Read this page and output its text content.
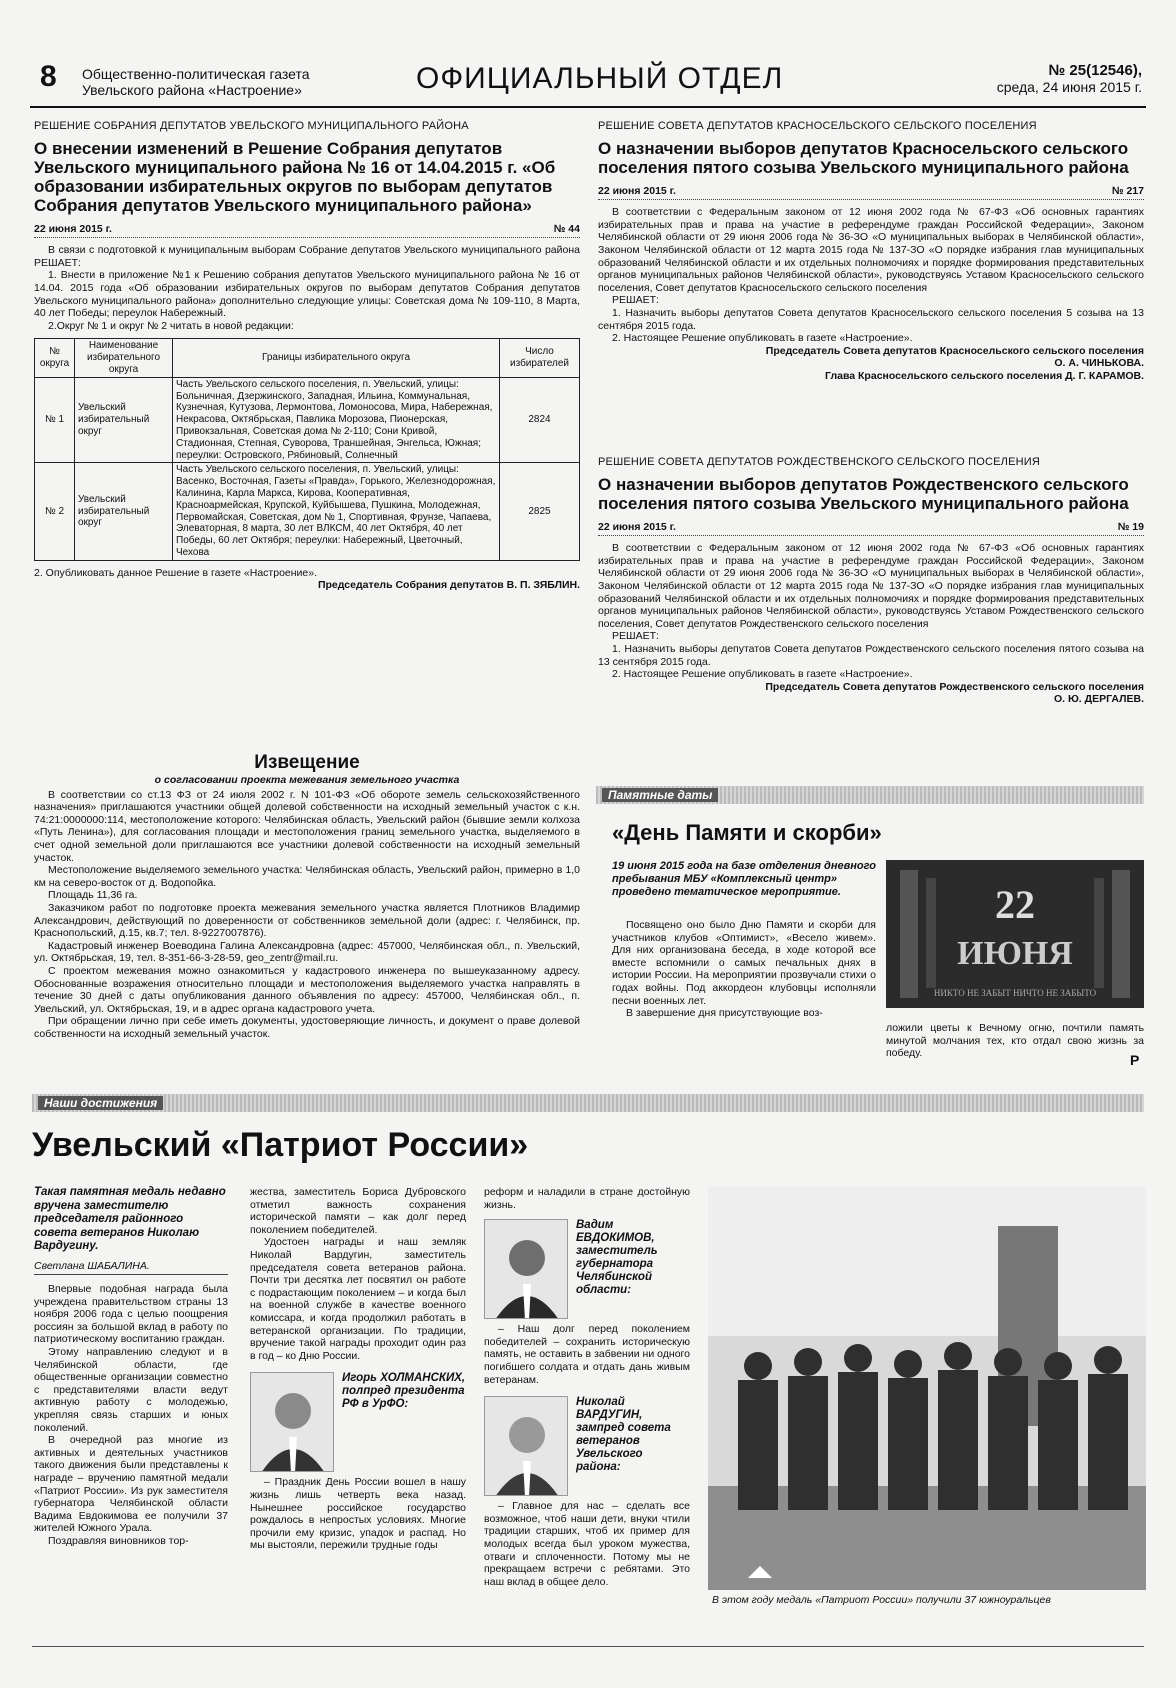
8 Общественно-политическая газета
Увельского района «Настроение»	ОФИЦИАЛЬНЫЙ ОТДЕЛ	№ 25(12546),
среда, 24 июня 2015 г.
РЕШЕНИЕ СОБРАНИЯ ДЕПУТАТОВ УВЕЛЬСКОГО МУНИЦИПАЛЬНОГО РАЙОНА
О внесении изменений в Решение Собрания депутатов Увельского муниципального района № 16 от 14.04.2015 г. «Об образовании избирательных округов по выборам депутатов Собрания депутатов Увельского муниципального района»
22 июня 2015 г.	№ 44
В связи с подготовкой к муниципальным выборам Собрание депутатов Увельского муниципального района РЕШАЕТ:
1. Внести в приложение №1 к Решению собрания депутатов Увельского муниципального района № 16 от 14.04. 2015 года «Об образовании избирательных округов по выборам депутатов Собрания депутатов Увельского муниципального района» дополнительно следующие улицы: Советская дома № 109-110, 8 Марта, 40 лет Победы; переулок Набережный.
2.Округ № 1 и округ № 2 читать в новой редакции:
№ округа	Наименование избирательного округа	Границы избирательного округа	Число избирателей
№ 1	Увельский избирательный округ	Часть Увельского сельского поселения, п. Увельский, улицы: Больничная, Дзержинского, Западная, Ильина, Коммунальная, Кузнечная, Кутузова, Лермонтова, Ломоносова, Мира, Набережная, Некрасова, Октябрьская, Павлика Морозова, Пионерская, Привокзальная, Советская дома № 2-110; Сони Кривой, Стадионная, Степная, Суворова, Траншейная, Энгельса, Южная; переулки: Островского, Рябиновый, Солнечный	2824
№ 2	Увельский избирательный округ	Часть Увельского сельского поселения, п. Увельский, улицы: Васенко, Восточная, Газеты «Правда», Горького, Железнодорожная, Калинина, Карла Маркса, Кирова, Кооперативная, Красноармейская, Крупской, Куйбышева, Пушкина, Молодежная, Первомайская, Советская, дом № 1, Спортивная, Фрунзе, Чапаева, Элеваторная, 8 марта, 30 лет ВЛКСМ, 40 лет Октября, 40 лет Победы, 60 лет Октября; переулки: Набережный, Цветочный, Чехова	2825
2. Опубликовать данное Решение в газете «Настроение».
Председатель Собрания депутатов В. П. ЗЯБЛИН.
Извещение
о согласовании проекта межевания земельного участка
В соответствии со ст.13 ФЗ от 24 июля 2002 г. N 101-ФЗ «Об обороте земель сельскохозяйственного назначения» приглашаются участники общей долевой собственности на исходный земельный участок с к.н. 74:21:0000000:114, местоположение которого: Челябинская область, Увельский район (бывшие земли колхоза «Путь Ленина»), для согласования площади и местоположения границ земельного участка, выделяемого в счет одной земельной доли приглашаются все участники долевой собственности на исходный земельный участок.
Местоположение выделяемого земельного участка: Челябинская область, Увельский район, примерно в 1,0 км на северо-восток от д. Водопойка.
Площадь 11,36 га.
Заказчиком работ по подготовке проекта межевания земельного участка является Плотников Владимир Александрович, действующий по доверенности от собственников земельной доли (адрес: г. Челябинск, пр. Краснопольский, д.15, кв.7; тел. 8-9227007876).
Кадастровый инженер Воеводина Галина Александровна (адрес: 457000, Челябинская обл., п. Увельский, ул. Октябрьская, 19, тел. 8-351-66-3-28-59, geo_zentr@mail.ru.
С проектом межевания можно ознакомиться у кадастрового инженера по вышеуказанному адресу. Обоснованные возражения относительно площади и местоположения выделяемого участка направлять в течение 30 дней с даты опубликования данного объявления по адресу: 457000, Челябинская обл., п. Увельский, ул. Октябрьская, 19, и в адрес органа кадастрового учета.
При обращении лично при себе иметь документы, удостоверяющие личность, и документ о праве долевой собственности на исходный земельный участок.
РЕШЕНИЕ СОВЕТА ДЕПУТАТОВ КРАСНОСЕЛЬСКОГО СЕЛЬСКОГО ПОСЕЛЕНИЯ
О назначении выборов депутатов Красносельского сельского поселения пятого созыва Увельского муниципального района
22 июня 2015 г.	№ 217
В соответствии с Федеральным законом от 12 июня 2002 года № 67-ФЗ «Об основных гарантиях избирательных прав и права на участие в референдуме граждан Российской Федерации», Законом Челябинской области от 29 июня 2006 года № 36-ЗО «О муниципальных выборах в Челябинской области», Законом Челябинской области от 12 марта 2015 года № 137-ЗО «О порядке избрания глав муниципальных образований Челябинской области и их отдельных полномочиях и порядке формирования представительных органов муниципальных районов Челябинской области», руководствуясь Уставом Красносельского сельского поселения, Совет депутатов Красносельского сельского поселения
РЕШАЕТ:
1. Назначить выборы депутатов Совета депутатов Красносельского сельского поселения 5 созыва на 13 сентября 2015 года.
2. Настоящее Решение опубликовать в газете «Настроение».
Председатель Совета депутатов Красносельского сельского поселения
О. А. ЧИНЬКОВА.
Глава Красносельского сельского поселения Д. Г. КАРАМОВ.
РЕШЕНИЕ СОВЕТА ДЕПУТАТОВ РОЖДЕСТВЕНСКОГО СЕЛЬСКОГО ПОСЕЛЕНИЯ
О назначении выборов депутатов Рождественского сельского поселения пятого созыва Увельского муниципального района
22 июня 2015 г.	№ 19
В соответствии с Федеральным законом от 12 июня 2002 года № 67-ФЗ «Об основных гарантиях избирательных прав и права на участие в референдуме граждан Российской Федерации», Законом Челябинской области от 29 июня 2006 года № 36-ЗО «О муниципальных выборах в Челябинской области», Законом Челябинской области от 12 марта 2015 года № 137-ЗО «О порядке избрания глав муниципальных образований Челябинской области и их отдельных полномочиях и порядке формирования представительных органов муниципальных районов Челябинской области», руководствуясь Уставом Рождественского сельского поселения, Совет депутатов Рождественского сельского поселения
РЕШАЕТ:
1. Назначить выборы депутатов Совета депутатов Рождественского сельского поселения пятого созыва на 13 сентября 2015 года.
2. Настоящее Решение опубликовать в газете «Настроение».
Председатель Совета депутатов Рождественского сельского поселения
О. Ю. ДЕРГАЛЕВ.
Памятные даты
«День Памяти и скорби»
19 июня 2015 года на базе отделения дневного пребывания МБУ «Комплексный центр» проведено тематическое мероприятие.
Посвящено оно было Дню Памяти и скорби для участников клубов «Оптимист», «Весело живем». Для них организована беседа, в ходе которой все вместе вспомнили о самых печальных днях в истории России. На мероприятии прозвучали стихи о годах войны. Под аккордеон клубовцы исполняли песни военных лет.
В завершение дня присутствующие воз-
22
ИЮНЯ
НИКТО НЕ ЗАБЫТ НИЧТО НЕ ЗАБЫТО
ложили цветы к Вечному огню, почтили память минутой молчания тех, кто отдал свою жизнь за победу.	Р
Наши достижения
Увельский «Патриот России»
Такая памятная медаль недавно вручена заместителю председателя районного совета ветеранов Николаю Вардугину.
Светлана ШАБАЛИНА.
Впервые подобная награда была учреждена правительством страны 13 ноября 2006 года с целью поощрения россиян за большой вклад в работу по патриотическому воспитанию граждан.
Этому направлению следуют и в Челябинской области, где общественные организации совместно с представителями власти ведут активную работу с молодежью, укрепляя связь старших и юных поколений.
В очередной раз многие из активных и деятельных участников такого движения были представлены к награде – вручению памятной медали «Патриот России». Из рук заместителя губернатора Челябинской области Вадима Евдокимова ее получили 37 жителей Южного Урала.
Поздравляя виновников тор-
жества, заместитель Бориса Дубровского отметил важность сохранения исторической памяти – как долг перед поколением победителей.
Удостоен награды и наш земляк Николай Вардугин, заместитель председателя совета ветеранов района. Почти три десятка лет посвятил он работе с подрастающим поколением – и когда был на военной службе в качестве военного комиссара, и когда продолжил работать в ветеранской организации. По традиции, вручение такой награды проходит один раз в год – ко Дню России.
Игорь ХОЛМАНСКИХ, полпред президента РФ в УрФО:
– Праздник День России вошел в нашу жизнь лишь четверть века назад. Нынешнее российское государство рождалось в непростых условиях. Многие прочили ему кризис, упадок и распад. Но мы выстояли, пережили трудные годы
реформ и наладили в стране достойную жизнь.
Вадим ЕВДОКИМОВ, заместитель губернатора Челябинской области:
– Наш долг перед поколением победителей – сохранить историческую память, не оставить в забвении ни одного погибшего солдата и отдать дань живым ветеранам.
Николай ВАРДУГИН, зампред совета ветеранов Увельского района:
– Главное для нас – сделать все возможное, чтоб наши дети, внуки чтили традиции старших, чтоб их пример для молодых всегда был уроком мужества, отваги и сплоченности. Потому мы не прекращаем встречи с ребятами. Это наш вклад в общее дело.
В этом году медаль «Патриот России» получили 37 южноуральцев
